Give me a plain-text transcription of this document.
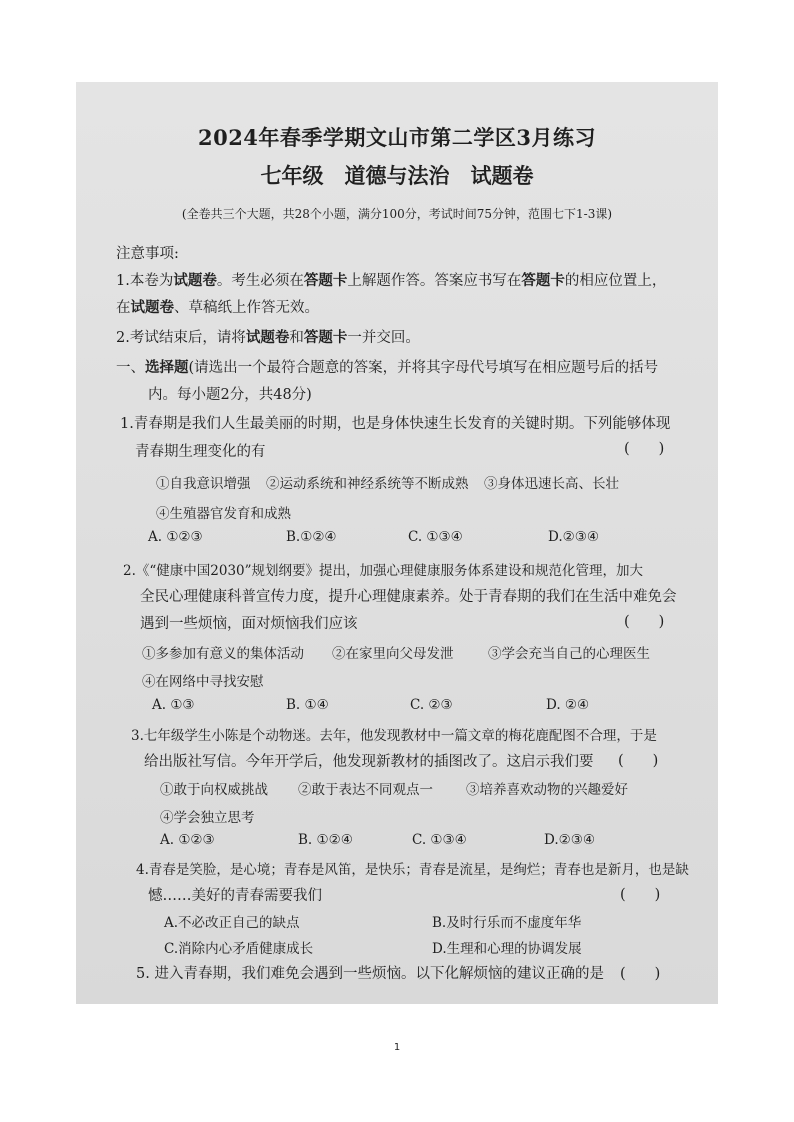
2024年春季学期文山市第二学区3月练习
七年级　道德与法治　试题卷
(全卷共三个大题，共28个小题，满分100分，考试时间75分钟，范围七下1-3课)
注意事项:
1.本卷为试题卷。考生必须在答题卡上解题作答。答案应书写在答题卡的相应位置上，
在试题卷、草稿纸上作答无效。
2.考试结束后，请将试题卷和答题卡一并交回。
一、选择题(请选出一个最符合题意的答案，并将其字母代号填写在相应题号后的括号
内。每小题2分，共48分)
1.青春期是我们人生最美丽的时期，也是身体快速生长发育的关键时期。下列能够体现
青春期生理变化的有	(　　)
①自我意识增强 ②运动系统和神经系统等不断成熟 ③身体迅速长高、长壮
④生殖器官发育和成熟
A. ①②③	B.①②④	C. ①③④	D.②③④
2.《“健康中国2030”规划纲要》提出，加强心理健康服务体系建设和规范化管理，加大
全民心理健康科普宣传力度，提升心理健康素养。处于青春期的我们在生活中难免会
遇到一些烦恼，面对烦恼我们应该	(　　)
①多参加有意义的集体活动 ②在家里向父母发泄	③学会充当自己的心理医生
④在网络中寻找安慰
A. ①③	B. ①④	C. ②③	D. ②④
3.七年级学生小陈是个动物迷。去年，他发现教材中一篇文章的梅花鹿配图不合理，于是
给出版社写信。今年开学后，他发现新教材的插图改了。这启示我们要 (　　)
①敢于向权威挑战 ②敢于表达不同观点一 ③培养喜欢动物的兴趣爱好
④学会独立思考
A. ①②③	B. ①②④	C. ①③④	D.②③④
4.青春是笑脸，是心境；青春是风笛，是快乐；青春是流星，是绚烂；青春也是新月，也是缺
憾……美好的青春需要我们	(　　)
A.不必改正自己的缺点	B.及时行乐而不虚度年华
C.消除内心矛盾健康成长	D.生理和心理的协调发展
5. 进入青春期，我们难免会遇到一些烦恼。以下化解烦恼的建议正确的是 (　　)
1
